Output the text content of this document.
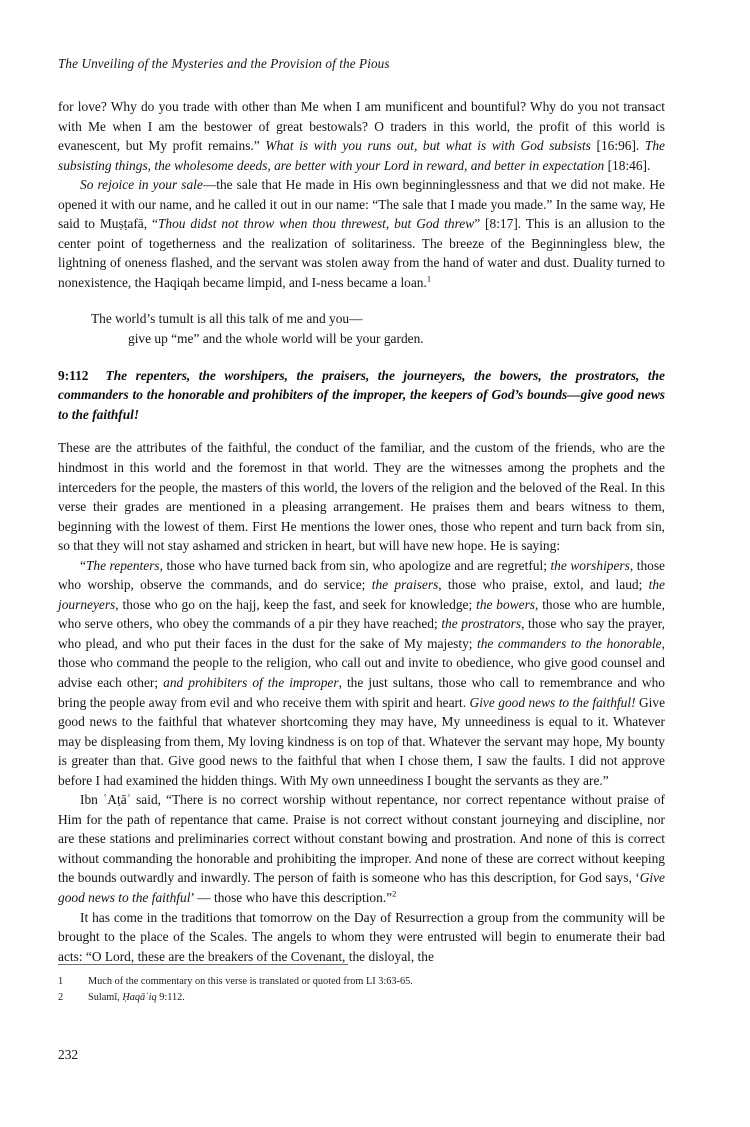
The Unveiling of the Mysteries and the Provision of the Pious

for love? Why do you trade with other than Me when I am munificent and bountiful? Why do you not transact with Me when I am the bestower of great bestowals? O traders in this world, the profit of this world is evanescent, but My profit remains.” What is with you runs out, but what is with God subsists [16:96]. The subsisting things, the wholesome deeds, are better with your Lord in reward, and better in expectation [18:46].

So rejoice in your sale—the sale that He made in His own beginninglessness and that we did not make. He opened it with our name, and he called it out in our name: “The sale that I made you made.” In the same way, He said to Muṣṭafā, “Thou didst not throw when thou threwest, but God threw” [8:17]. This is an allusion to the center point of togetherness and the realization of solitariness. The breeze of the Beginningless blew, the lightning of oneness flashed, and the servant was stolen away from the hand of water and dust. Duality turned to nonexistence, the Haqiqah became limpid, and I-ness became a loan.$^1$

The world’s tumult is all this talk of me and you—
give up “me” and the whole world will be your garden.
9:112 The repenters, the worshipers, the praisers, the journeyers, the bowers, the prostrators, the commanders to the honorable and prohibiters of the improper, the keepers of God’s bounds—give good news to the faithful!

These are the attributes of the faithful, the conduct of the familiar, and the custom of the friends, who are the hindmost in this world and the foremost in that world. They are the witnesses among the prophets and the interceders for the people, the masters of this world, the lovers of the religion and the beloved of the Real. In this verse their grades are mentioned in a pleasing arrangement. He praises them and bears witness to them, beginning with the lowest of them. First He mentions the lower ones, those who repent and turn back from sin, so that they will not stay ashamed and stricken in heart, but will have new hope. He is saying:

“The repenters, those who have turned back from sin, who apologize and are regretful; the worshipers, those who worship, observe the commands, and do service; the praisers, those who praise, extol, and laud; the journeyers, those who go on the hajj, keep the fast, and seek for knowledge; the bowers, those who are humble, who serve others, who obey the commands of a pir they have reached; the prostrators, those who say the prayer, who plead, and who put their faces in the dust for the sake of My majesty; the commanders to the honorable, those who command the people to the religion, who call out and invite to obedience, who give good counsel and advise each other; and prohibiters of the improper, the just sultans, those who call to remembrance and who bring the people away from evil and who receive them with spirit and heart. Give good news to the faithful! Give good news to the faithful that whatever shortcoming they may have, My unneediness is equal to it. Whatever may be displeasing from them, My loving kindness is on top of that. Whatever the servant may hope, My bounty is greater than that. Give good news to the faithful that when I chose them, I saw the faults. I did not approve before I had examined the hidden things. With My own unneediness I bought the servants as they are.”

Ibn ʿAṭāʾ said, “There is no correct worship without repentance, nor correct repentance without praise of Him for the path of repentance that came. Praise is not correct without constant journeying and discipline, nor are these stations and preliminaries correct without constant bowing and prostration. And none of this is correct without commanding the honorable and prohibiting the improper. And none of these are correct without keeping the bounds outwardly and inwardly. The person of faith is someone who has this description, for God says, ‘Give good news to the faithful’ — those who have this description.”$^2$

It has come in the traditions that tomorrow on the Day of Resurrection a group from the community will be brought to the place of the Scales. The angels to whom they were entrusted will begin to enumerate their bad acts: “O Lord, these are the breakers of the Covenant, the disloyal, the

1	Much of the commentary on this verse is translated or quoted from LI 3:63-65.
2	Sulamī, Ḥaqāʾiq 9:112.
232
